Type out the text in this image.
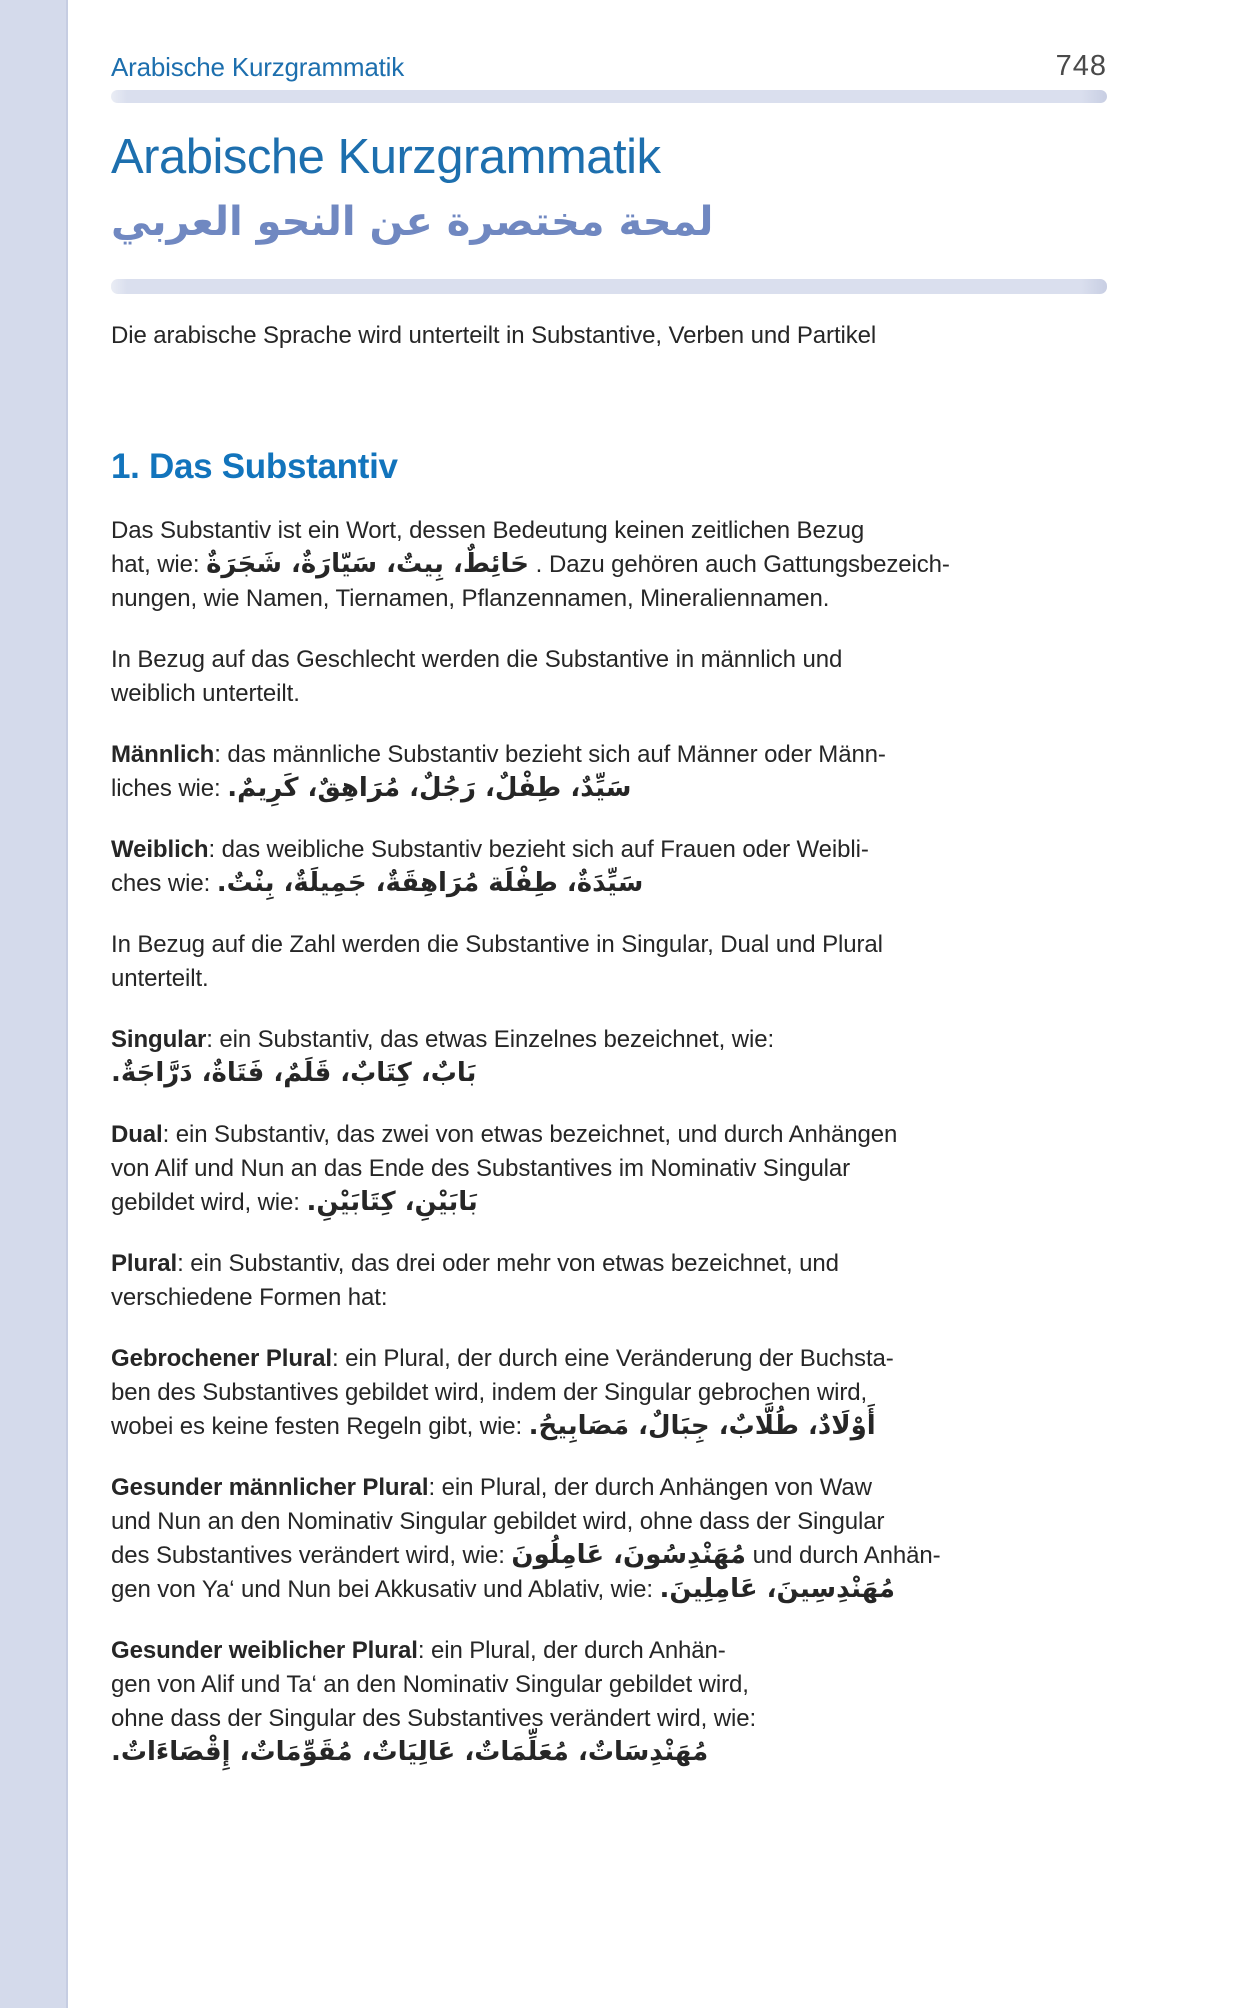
Arabische Kurzgrammatik	748
Arabische Kurzgrammatik
لمحة مختصرة عن النحو العربي

Die arabische Sprache wird unterteilt in Substantive, Verben und Partikel

1. Das Substantiv

Das Substantiv ist ein Wort, dessen Bedeutung keinen zeitlichen Bezug
hat, wie: حَائِطٌ، بِيتٌ، سَيّارَةٌ، شَجَرَةٌ . Dazu gehören auch Gattungsbezeich-
nungen, wie Namen, Tiernamen, Pflanzennamen, Mineraliennamen.

In Bezug auf das Geschlecht werden die Substantive in männlich und
weiblich unterteilt.

Männlich: das männliche Substantiv bezieht sich auf Männer oder Männ-
liches wie: سَيِّدٌ، طِفْلٌ، رَجُلٌ، مُرَاهِقٌ، كَرِيمٌ.

Weiblich: das weibliche Substantiv bezieht sich auf Frauen oder Weibli-
ches wie: سَيِّدَةٌ، طِفْلَة مُرَاهِقَةٌ، جَمِيلَةٌ، بِنْتٌ.

In Bezug auf die Zahl werden die Substantive in Singular, Dual und Plural
unterteilt.

Singular: ein Substantiv, das etwas Einzelnes bezeichnet, wie:
بَابٌ، كِتَابٌ، قَلَمٌ، فَتَاةٌ، دَرَّاجَةٌ.

Dual: ein Substantiv, das zwei von etwas bezeichnet, und durch Anhängen
von Alif und Nun an das Ende des Substantives im Nominativ Singular
gebildet wird, wie: بَابَيْنِ، كِتَابَيْنِ.

Plural: ein Substantiv, das drei oder mehr von etwas bezeichnet, und
verschiedene Formen hat:

Gebrochener Plural: ein Plural, der durch eine Veränderung der Buchsta-
ben des Substantives gebildet wird, indem der Singular gebrochen wird,
wobei es keine festen Regeln gibt, wie: أَوْلَادٌ، طُلَّابٌ، جِبَالٌ، مَصَابِيحُ.

Gesunder männlicher Plural: ein Plural, der durch Anhängen von Waw
und Nun an den Nominativ Singular gebildet wird, ohne dass der Singular
des Substantives verändert wird, wie: مُهَنْدِسُونَ، عَامِلُونَ und durch Anhän-
gen von Ya‘ und Nun bei Akkusativ und Ablativ, wie: مُهَنْدِسِينَ، عَامِلِينَ.

Gesunder weiblicher Plural: ein Plural, der durch Anhän-
gen von Alif und Ta‘ an den Nominativ Singular gebildet wird,
ohne dass der Singular des Substantives verändert wird, wie:
مُهَنْدِسَاتٌ، مُعَلِّمَاتٌ، عَالِيَاتٌ، مُقَوِّمَاتٌ، إِقْصَاءَاتٌ.
